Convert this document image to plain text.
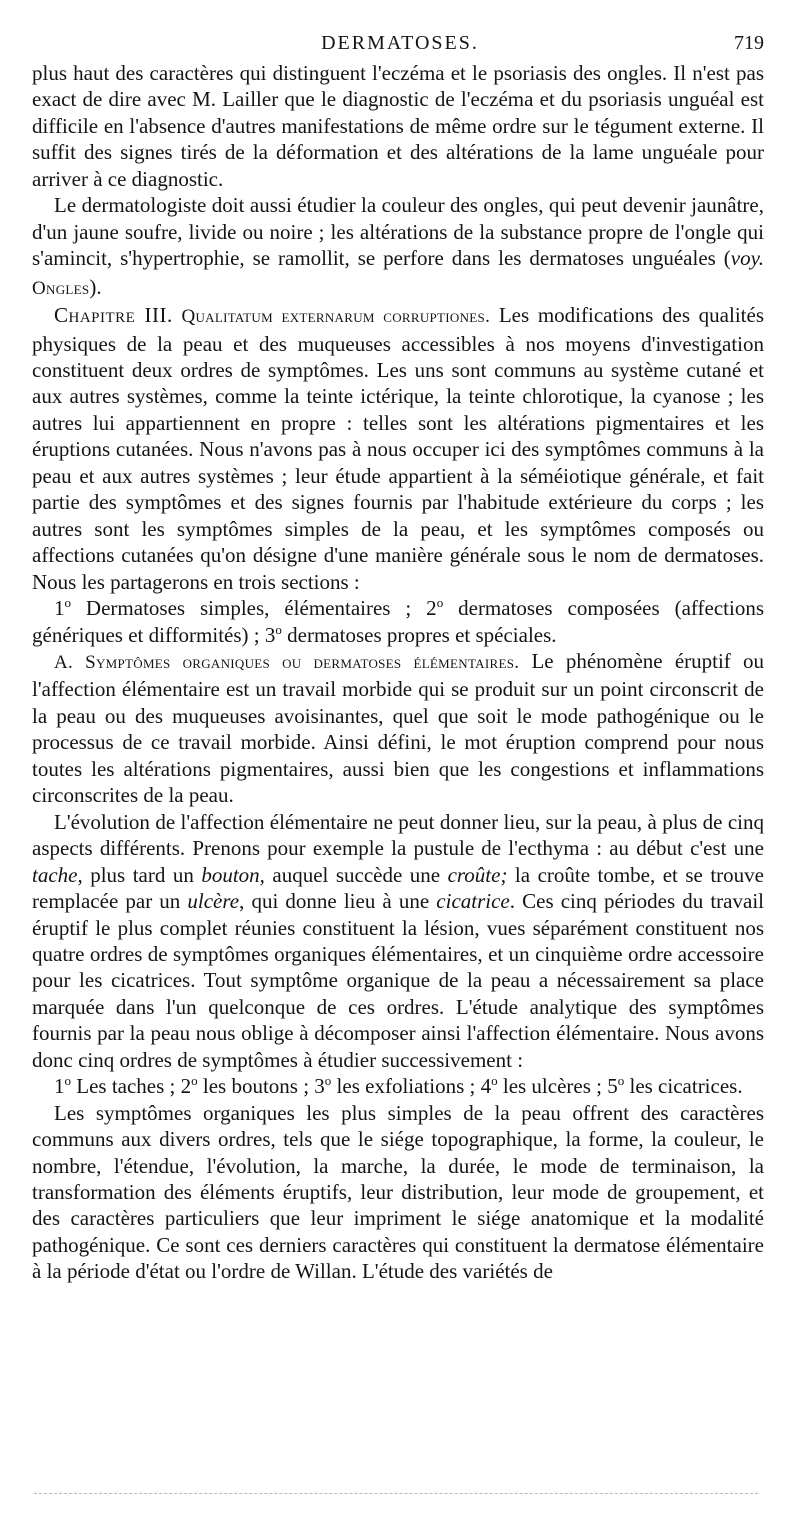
DERMATOSES.	719

plus haut des caractères qui distinguent l'eczéma et le psoriasis des ongles. Il n'est pas exact de dire avec M. Lailler que le diagnostic de l'eczéma et du psoriasis unguéal est difficile en l'absence d'autres manifestations de même ordre sur le tégument externe. Il suffit des signes tirés de la déformation et des altérations de la lame unguéale pour arriver à ce diagnostic.

Le dermatologiste doit aussi étudier la couleur des ongles, qui peut devenir jaunâtre, d'un jaune soufre, livide ou noire ; les altérations de la substance propre de l'ongle qui s'amincit, s'hypertrophie, se ramollit, se perfore dans les dermatoses unguéales (voy. Ongles).

Chapitre III. Qualitatum externarum corruptiones. Les modifications des qualités physiques de la peau et des muqueuses accessibles à nos moyens d'investigation constituent deux ordres de symptômes. Les uns sont communs au système cutané et aux autres systèmes, comme la teinte ictérique, la teinte chlorotique, la cyanose ; les autres lui appartiennent en propre : telles sont les altérations pigmentaires et les éruptions cutanées. Nous n'avons pas à nous occuper ici des symptômes communs à la peau et aux autres systèmes ; leur étude appartient à la séméiotique générale, et fait partie des symptômes et des signes fournis par l'habitude extérieure du corps ; les autres sont les symptômes simples de la peau, et les symptômes composés ou affections cutanées qu'on désigne d'une manière générale sous le nom de dermatoses. Nous les partagerons en trois sections :

1$^o$ Dermatoses simples, élémentaires ; 2$^o$ dermatoses composées (affections génériques et difformités) ; 3$^o$ dermatoses propres et spéciales.

A. Symptômes organiques ou dermatoses élémentaires. Le phénomène éruptif ou l'affection élémentaire est un travail morbide qui se produit sur un point circonscrit de la peau ou des muqueuses avoisinantes, quel que soit le mode pathogénique ou le processus de ce travail morbide. Ainsi défini, le mot éruption comprend pour nous toutes les altérations pigmentaires, aussi bien que les congestions et inflammations circonscrites de la peau.

L'évolution de l'affection élémentaire ne peut donner lieu, sur la peau, à plus de cinq aspects différents. Prenons pour exemple la pustule de l'ecthyma : au début c'est une tache, plus tard un bouton, auquel succède une croûte; la croûte tombe, et se trouve remplacée par un ulcère, qui donne lieu à une cicatrice. Ces cinq périodes du travail éruptif le plus complet réunies constituent la lésion, vues séparément constituent nos quatre ordres de symptômes organiques élémentaires, et un cinquième ordre accessoire pour les cicatrices. Tout symptôme organique de la peau a nécessairement sa place marquée dans l'un quelconque de ces ordres. L'étude analytique des symptômes fournis par la peau nous oblige à décomposer ainsi l'affection élémentaire. Nous avons donc cinq ordres de symptômes à étudier successivement :

1$^o$ Les taches ; 2$^o$ les boutons ; 3$^o$ les exfoliations ; 4$^o$ les ulcères ; 5$^o$ les cicatrices.

Les symptômes organiques les plus simples de la peau offrent des caractères communs aux divers ordres, tels que le siége topographique, la forme, la couleur, le nombre, l'étendue, l'évolution, la marche, la durée, le mode de terminaison, la transformation des éléments éruptifs, leur distribution, leur mode de groupement, et des caractères particuliers que leur impriment le siége anatomique et la modalité pathogénique. Ce sont ces derniers caractères qui constituent la dermatose élémentaire à la période d'état ou l'ordre de Willan. L'étude des variétés de
